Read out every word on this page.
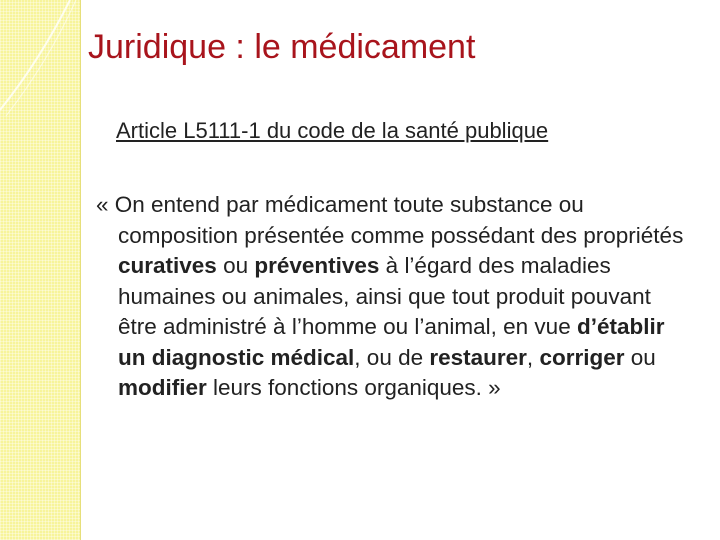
Juridique : le médicament
Article L5111-1 du code de la santé publique
« On entend par médicament toute substance ou composition présentée comme possédant des propriétés curatives ou préventives à l’égard des maladies humaines ou animales, ainsi que tout produit pouvant être administré à l’homme ou l’animal, en vue d’établir un diagnostic médical, ou de restaurer, corriger ou modifier leurs fonctions organiques. »
